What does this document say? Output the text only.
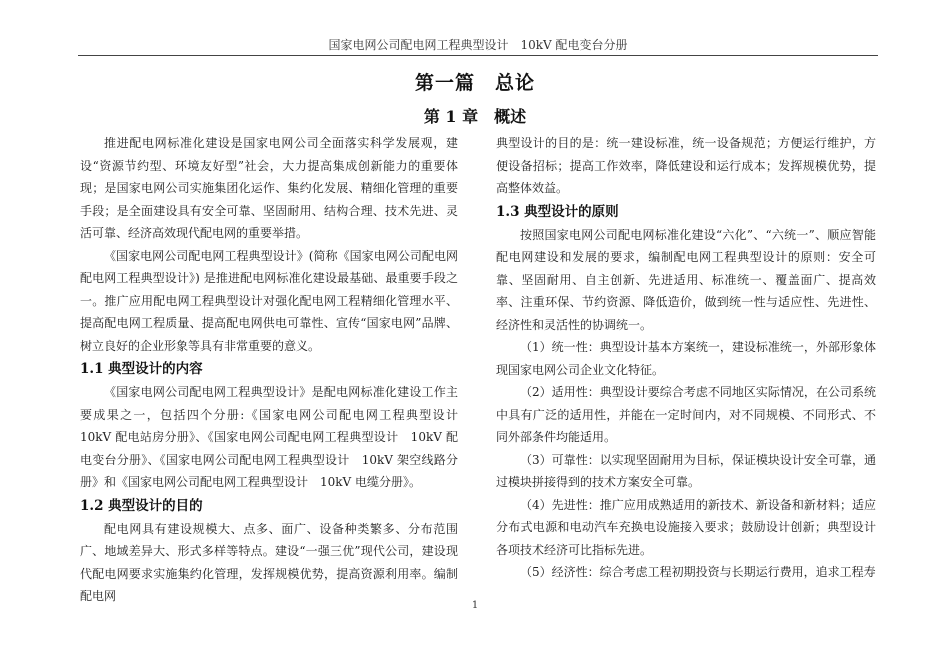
国家电网公司配电网工程典型设计　10kV 配电变台分册
第一篇　总论
第 1 章　概述

推进配电网标准化建设是国家电网公司全面落实科学发展观，建设“资源节约型、环境友好型”社会，大力提高集成创新能力的重要体现；是国家电网公司实施集团化运作、集约化发展、精细化管理的重要手段；是全面建设具有安全可靠、坚固耐用、结构合理、技术先进、灵活可靠、经济高效现代配电网的重要举措。

《国家电网公司配电网工程典型设计》(简称《国家电网公司配电网配电网工程典型设计》) 是推进配电网标准化建设最基础、最重要手段之一。推广应用配电网工程典型设计对强化配电网工程精细化管理水平、提高配电网工程质量、提高配电网供电可靠性、宣传“国家电网”品牌、树立良好的企业形象等具有非常重要的意义。

1.1 典型设计的内容

《国家电网公司配电网工程典型设计》是配电网标准化建设工作主要成果之一，包括四个分册:《国家电网公司配电网工程典型设计　10kV 配电站房分册》、《国家电网公司配电网工程典型设计　10kV 配电变台分册》、《国家电网公司配电网工程典型设计　10kV 架空线路分册》和《国家电网公司配电网工程典型设计　10kV 电缆分册》。

1.2 典型设计的目的

配电网具有建设规模大、点多、面广、设备种类繁多、分布范围广、地域差异大、形式多样等特点。建设“一强三优”现代公司，建设现代配电网要求实施集约化管理，发挥规模优势，提高资源利用率。编制配电网

典型设计的目的是：统一建设标准，统一设备规范；方便运行维护，方便设备招标；提高工作效率，降低建设和运行成本；发挥规模优势，提高整体效益。

1.3 典型设计的原则

按照国家电网公司配电网标准化建设“六化”、“六统一”、顺应智能配电网建设和发展的要求，编制配电网工程典型设计的原则：安全可靠、坚固耐用、自主创新、先进适用、标准统一、覆盖面广、提高效率、注重环保、节约资源、降低造价，做到统一性与适应性、先进性、经济性和灵活性的协调统一。

（1）统一性：典型设计基本方案统一，建设标准统一，外部形象体现国家电网公司企业文化特征。

（2）适用性：典型设计要综合考虑不同地区实际情况，在公司系统中具有广泛的适用性，并能在一定时间内，对不同规模、不同形式、不同外部条件均能适用。

（3）可靠性：以实现坚固耐用为目标，保证模块设计安全可靠，通过模块拼接得到的技术方案安全可靠。

（4）先进性：推广应用成熟适用的新技术、新设备和新材料；适应分布式电源和电动汽车充换电设施接入要求；鼓励设计创新；典型设计各项技术经济可比指标先进。

（5）经济性：综合考虑工程初期投资与长期运行费用，追求工程寿

1
